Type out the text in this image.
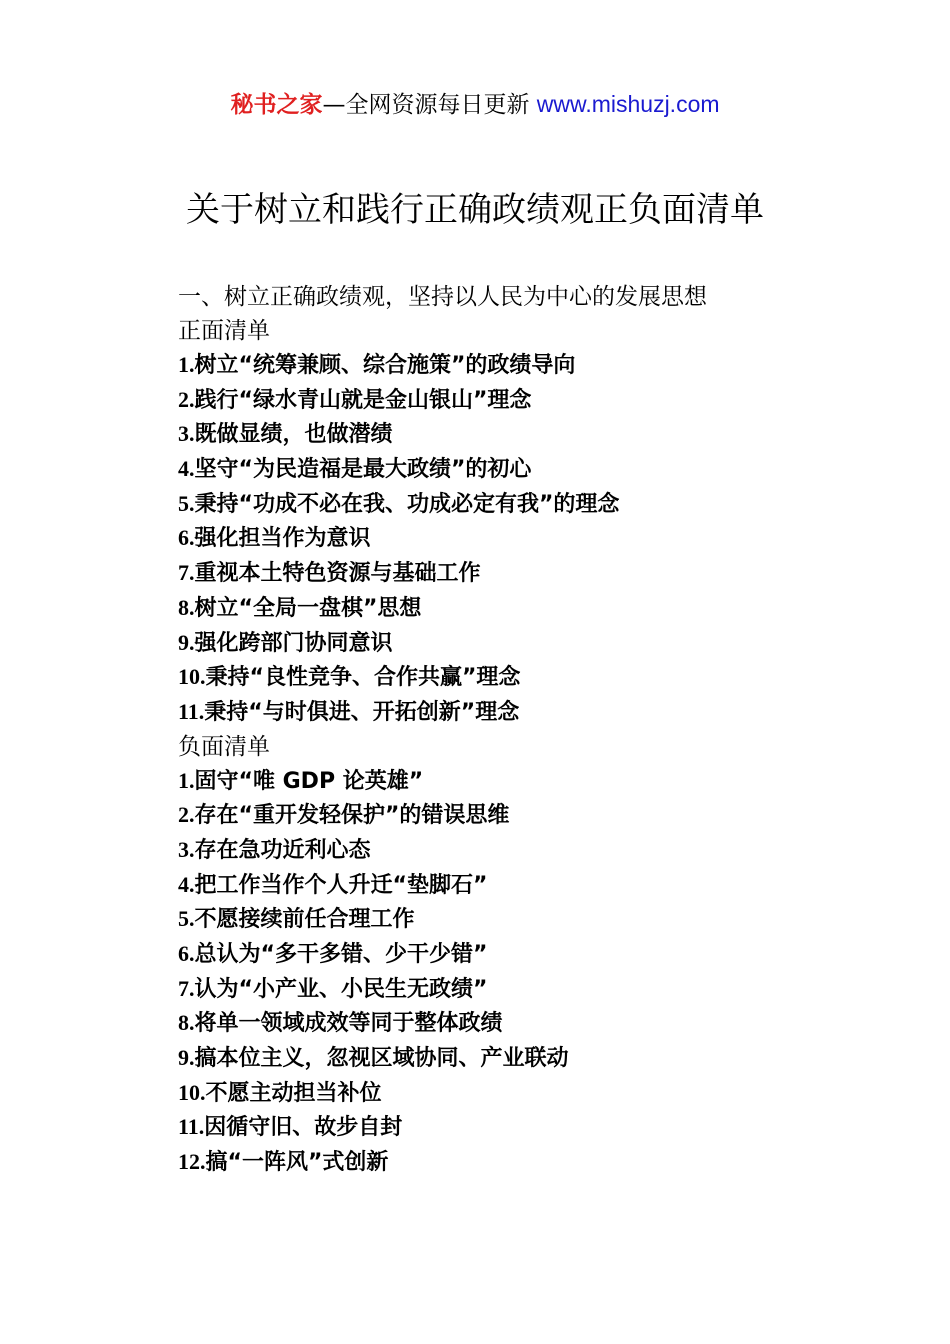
秘书之家—全网资源每日更新 www.mishuzj.com
关于树立和践行正确政绩观正负面清单
一、树立正确政绩观，坚持以人民为中心的发展思想
正面清单
1.树立“统筹兼顾、综合施策”的政绩导向
2.践行“绿水青山就是金山银山”理念
3.既做显绩，也做潜绩
4.坚守“为民造福是最大政绩”的初心
5.秉持“功成不必在我、功成必定有我”的理念
6.强化担当作为意识
7.重视本土特色资源与基础工作
8.树立“全局一盘棋”思想
9.强化跨部门协同意识
10.秉持“良性竞争、合作共赢”理念
11.秉持“与时俱进、开拓创新”理念
负面清单
1.固守“唯 GDP 论英雄”
2.存在“重开发轻保护”的错误思维
3.存在急功近利心态
4.把工作当作个人升迁“垫脚石”
5.不愿接续前任合理工作
6.总认为“多干多错、少干少错”
7.认为“小产业、小民生无政绩”
8.将单一领域成效等同于整体政绩
9.搞本位主义，忽视区域协同、产业联动
10.不愿主动担当补位
11.因循守旧、故步自封
12.搞“一阵风”式创新
